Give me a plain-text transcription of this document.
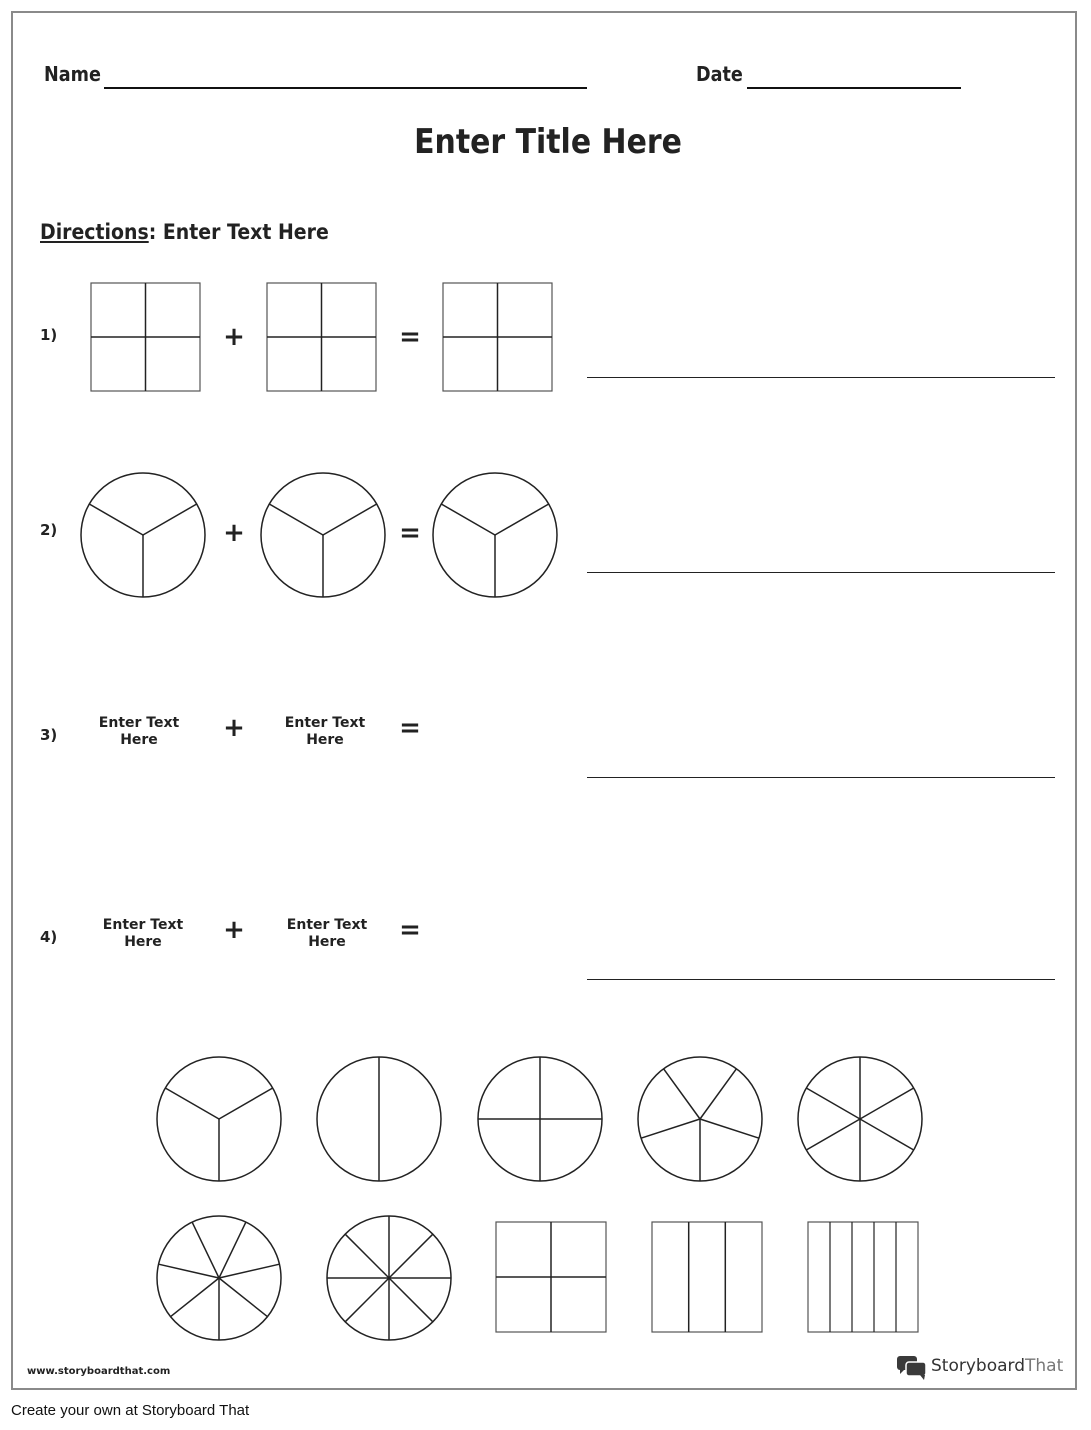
Name	Date
Enter Title Here
Directions: Enter Text Here
1)	+	=
2)	+	=
3)
Enter Text Here	+	Enter Text Here	=
4)
Enter Text Here	+	Enter Text Here	=
www.storyboardthat.com	StoryboardThat
Create your own at Storyboard That
